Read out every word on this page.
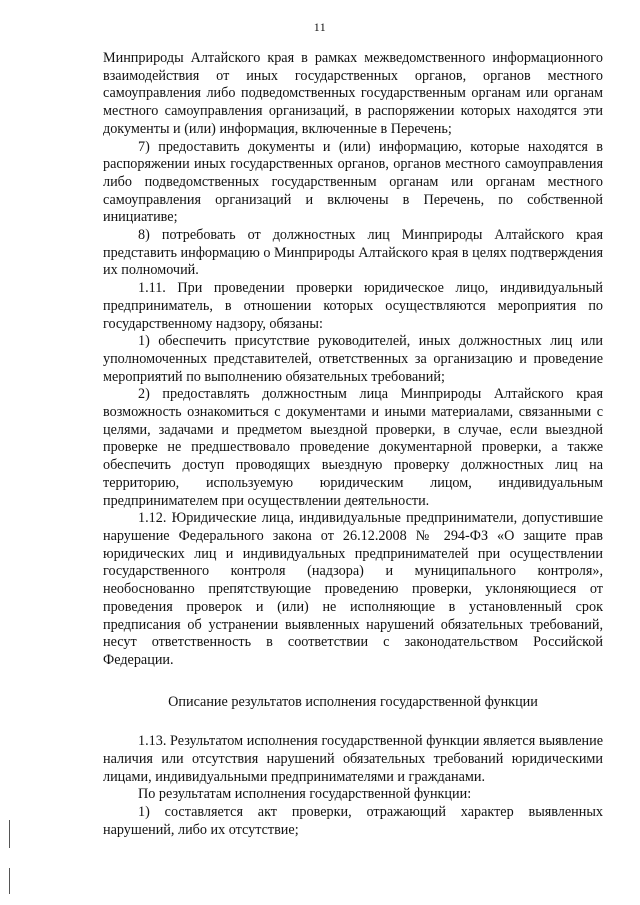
11

Минприроды Алтайского края в рамках межведомственного информационного взаимодействия от иных государственных органов, органов местного самоуправления либо подведомственных государственным органам или органам местного самоуправления организаций, в распоряжении которых находятся эти документы и (или) информация, включенные в Перечень;

7) предоставить документы и (или) информацию, которые находятся в распоряжении иных государственных органов, органов местного самоуправления либо подведомственных государственным органам или органам местного самоуправления организаций и включены в Перечень, по собственной инициативе;

8) потребовать от должностных лиц Минприроды Алтайского края представить информацию о Минприроды Алтайского края в целях подтверждения их полномочий.

1.11. При проведении проверки юридическое лицо, индивидуальный предприниматель, в отношении которых осуществляются мероприятия по государственному надзору, обязаны:

1) обеспечить присутствие руководителей, иных должностных лиц или уполномоченных представителей, ответственных за организацию и проведение мероприятий по выполнению обязательных требований;

2) предоставлять должностным лица Минприроды Алтайского края возможность ознакомиться с документами и иными материалами, связанными с целями, задачами и предметом выездной проверки, в случае, если выездной проверке не предшествовало проведение документарной проверки, а также обеспечить доступ проводящих выездную проверку должностных лиц на территорию, используемую юридическим лицом, индивидуальным предпринимателем при осуществлении деятельности.

1.12. Юридические лица, индивидуальные предприниматели, допустившие нарушение Федерального закона от 26.12.2008 № 294-ФЗ «О защите прав юридических лиц и индивидуальных предпринимателей при осуществлении государственного контроля (надзора) и муниципального контроля», необоснованно препятствующие проведению проверки, уклоняющиеся от проведения проверок и (или) не исполняющие в установленный срок предписания об устранении выявленных нарушений обязательных требований, несут ответственность в соответствии с законодательством Российской Федерации.

Описание результатов исполнения государственной функции

1.13. Результатом исполнения государственной функции является выявление наличия или отсутствия нарушений обязательных требований юридическими лицами, индивидуальными предпринимателями и гражданами.

По результатам исполнения государственной функции:

1) составляется акт проверки, отражающий характер выявленных нарушений, либо их отсутствие;
